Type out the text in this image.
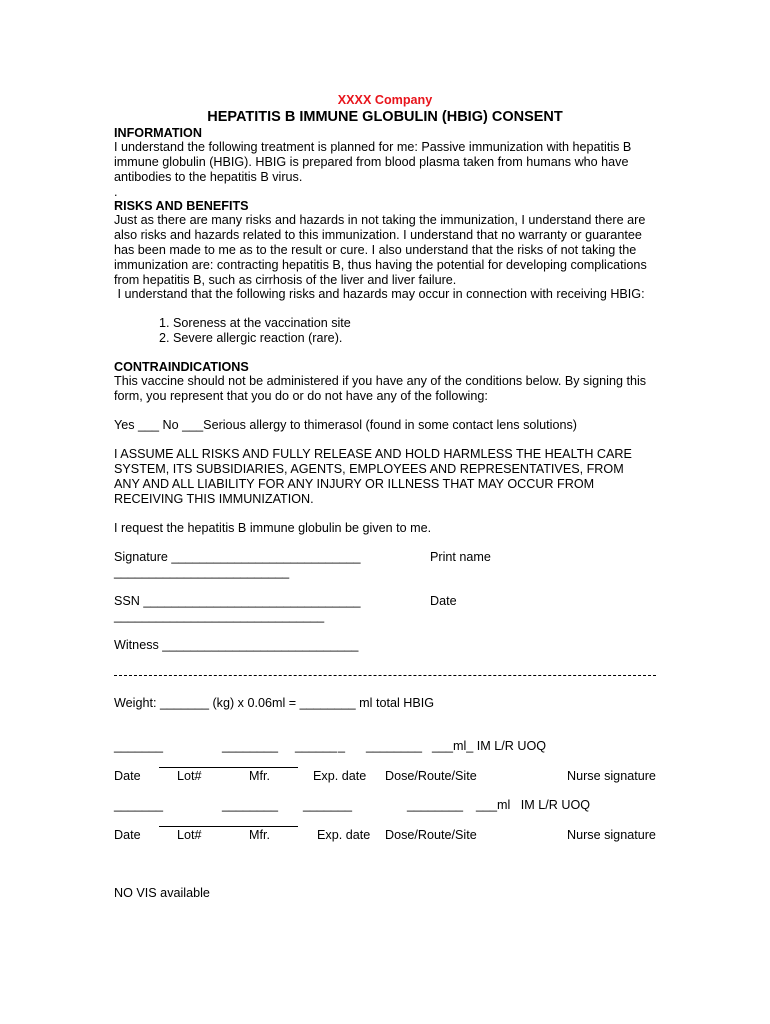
XXXX Company
HEPATITIS B IMMUNE GLOBULIN (HBIG) CONSENT
INFORMATION
I understand the following treatment is planned for me: Passive immunization with hepatitis B
immune globulin (HBIG). HBIG is prepared from blood plasma taken from humans who have
antibodies to the hepatitis B virus.
.
RISKS AND BENEFITS
Just as there are many risks and hazards in not taking the immunization, I understand there are
also risks and hazards related to this immunization. I understand that no warranty or guarantee
has been made to me as to the result or cure. I also understand that the risks of not taking the
immunization are: contracting hepatitis B, thus having the potential for developing complications
from hepatitis B, such as cirrhosis of the liver and liver failure.
I understand that the following risks and hazards may occur in connection with receiving HBIG:
1. Soreness at the vaccination site
2. Severe allergic reaction (rare).
CONTRAINDICATIONS
This vaccine should not be administered if you have any of the conditions below. By signing this
form, you represent that you do or do not have any of the following:
Yes ___ No ___Serious allergy to thimerasol (found in some contact lens solutions)
I ASSUME ALL RISKS AND FULLY RELEASE AND HOLD HARMLESS THE HEALTH CARE
SYSTEM, ITS SUBSIDIARIES, AGENTS, EMPLOYEES AND REPRESENTATIVES, FROM
ANY AND ALL LIABILITY FOR ANY INJURY OR ILLNESS THAT MAY OCCUR FROM
RECEIVING THIS IMMUNIZATION.
I request the hepatitis B immune globulin be given to me.
Signature ___________________________	Print name
_________________________
SSN _______________________________	Date
______________________________
Witness ____________________________
Weight: _______ (kg) x 0.06ml = ________ ml total HBIG
_______	________ ______ _ ________ ___ml_ IM L/R UOQ
Date	Lot#	Mfr.	Exp. date Dose/Route/Site	Nurse signature
_______	________ _______	________ ___ml   IM L/R UOQ
Date	Lot#	Mfr.	Exp. date Dose/Route/Site	Nurse signature
NO VIS available
